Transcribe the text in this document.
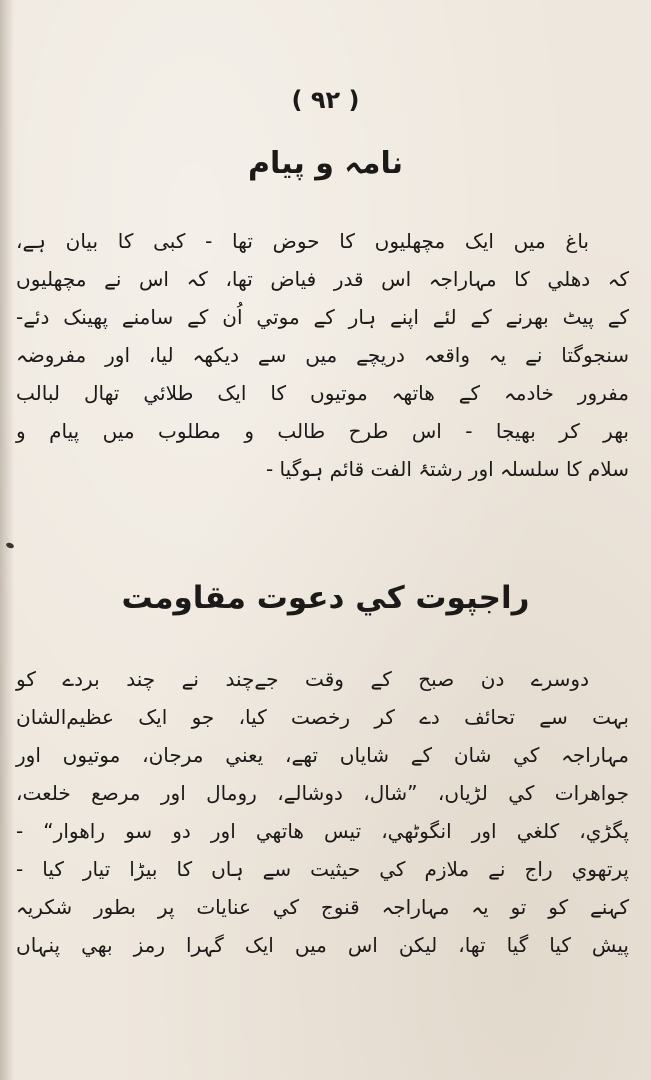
( ٩٢ )
نامہ و پیام
باغ میں ایک مچھلیوں کا حوض تھا - کبی کا بیان ہے،
کہ دھلي کا مہاراجہ اس قدر فیاض تھا، کہ اس نے مچھلیوں
کے پیٹ بھرنے کے لئے اپنے ہار کے موتي اُن کے سامنے پھینک دئے-
سنجوگتا نے یہ واقعہ دریچے میں سے دیکھہ لیا، اور مفروضہ
مفرور خادمہ کے ھاتھہ موتیوں کا ایک طلائي تھال لبالب
بھر کر بھیجا - اس طرح طالب و مطلوب میں پیام و
سلام کا سلسلہ اور رشتۂ الفت قائم ہوگیا -
راجپوت کي دعوت مقاومت
دوسرے دن صبح کے وقت جےچند نے چند بردے کو
بہت سے تحائف دے کر رخصت کیا، جو ایک عظیم‌الشان
مہاراجہ کي شان کے شایاں تھے، یعني مرجان، موتیوں اور
جواھرات کي لڑیاں، ”شال، دوشالے، رومال اور مرصع خلعت،
پگڑي، کلغي اور انگوٹھي، تیس ھاتھي اور دو سو راھوار“ -
پرتھوي راج نے ملازم کي حیثیت سے ہاں کا بیڑا تیار کیا -
کہنے کو تو یہ مہاراجہ قنوج کي عنایات پر بطور شکریہ
پیش کیا گیا تھا، لیکن اس میں ایک گہرا رمز بھي پنہاں
